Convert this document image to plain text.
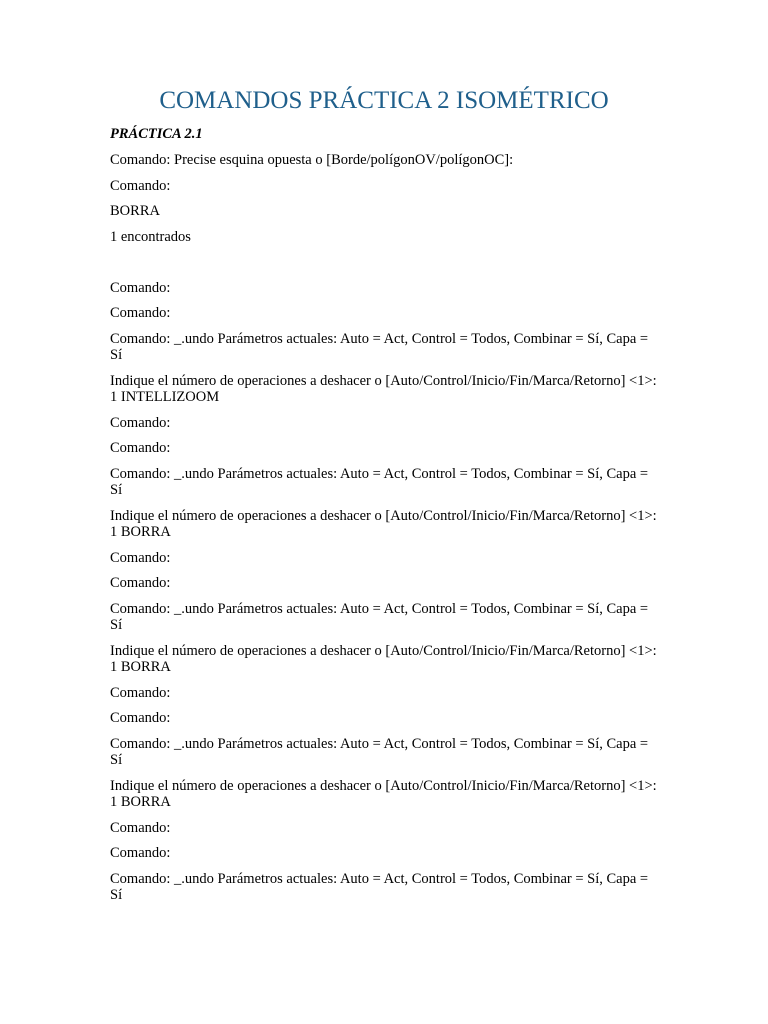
COMANDOS PRÁCTICA 2 ISOMÉTRICO

PRÁCTICA 2.1

Comando: Precise esquina opuesta o [Borde/polígonOV/polígonOC]:

Comando:

BORRA

1 encontrados

Comando:

Comando:

Comando: _.undo Parámetros actuales: Auto = Act, Control = Todos, Combinar = Sí, Capa = Sí

Indique el número de operaciones a deshacer o [Auto/Control/Inicio/Fin/Marca/Retorno] <1>: 1 INTELLIZOOM

Comando:

Comando:

Comando: _.undo Parámetros actuales: Auto = Act, Control = Todos, Combinar = Sí, Capa = Sí

Indique el número de operaciones a deshacer o [Auto/Control/Inicio/Fin/Marca/Retorno] <1>: 1 BORRA

Comando:

Comando:

Comando: _.undo Parámetros actuales: Auto = Act, Control = Todos, Combinar = Sí, Capa = Sí

Indique el número de operaciones a deshacer o [Auto/Control/Inicio/Fin/Marca/Retorno] <1>: 1 BORRA

Comando:

Comando:

Comando: _.undo Parámetros actuales: Auto = Act, Control = Todos, Combinar = Sí, Capa = Sí

Indique el número de operaciones a deshacer o [Auto/Control/Inicio/Fin/Marca/Retorno] <1>: 1 BORRA

Comando:

Comando:

Comando: _.undo Parámetros actuales: Auto = Act, Control = Todos, Combinar = Sí, Capa = Sí
